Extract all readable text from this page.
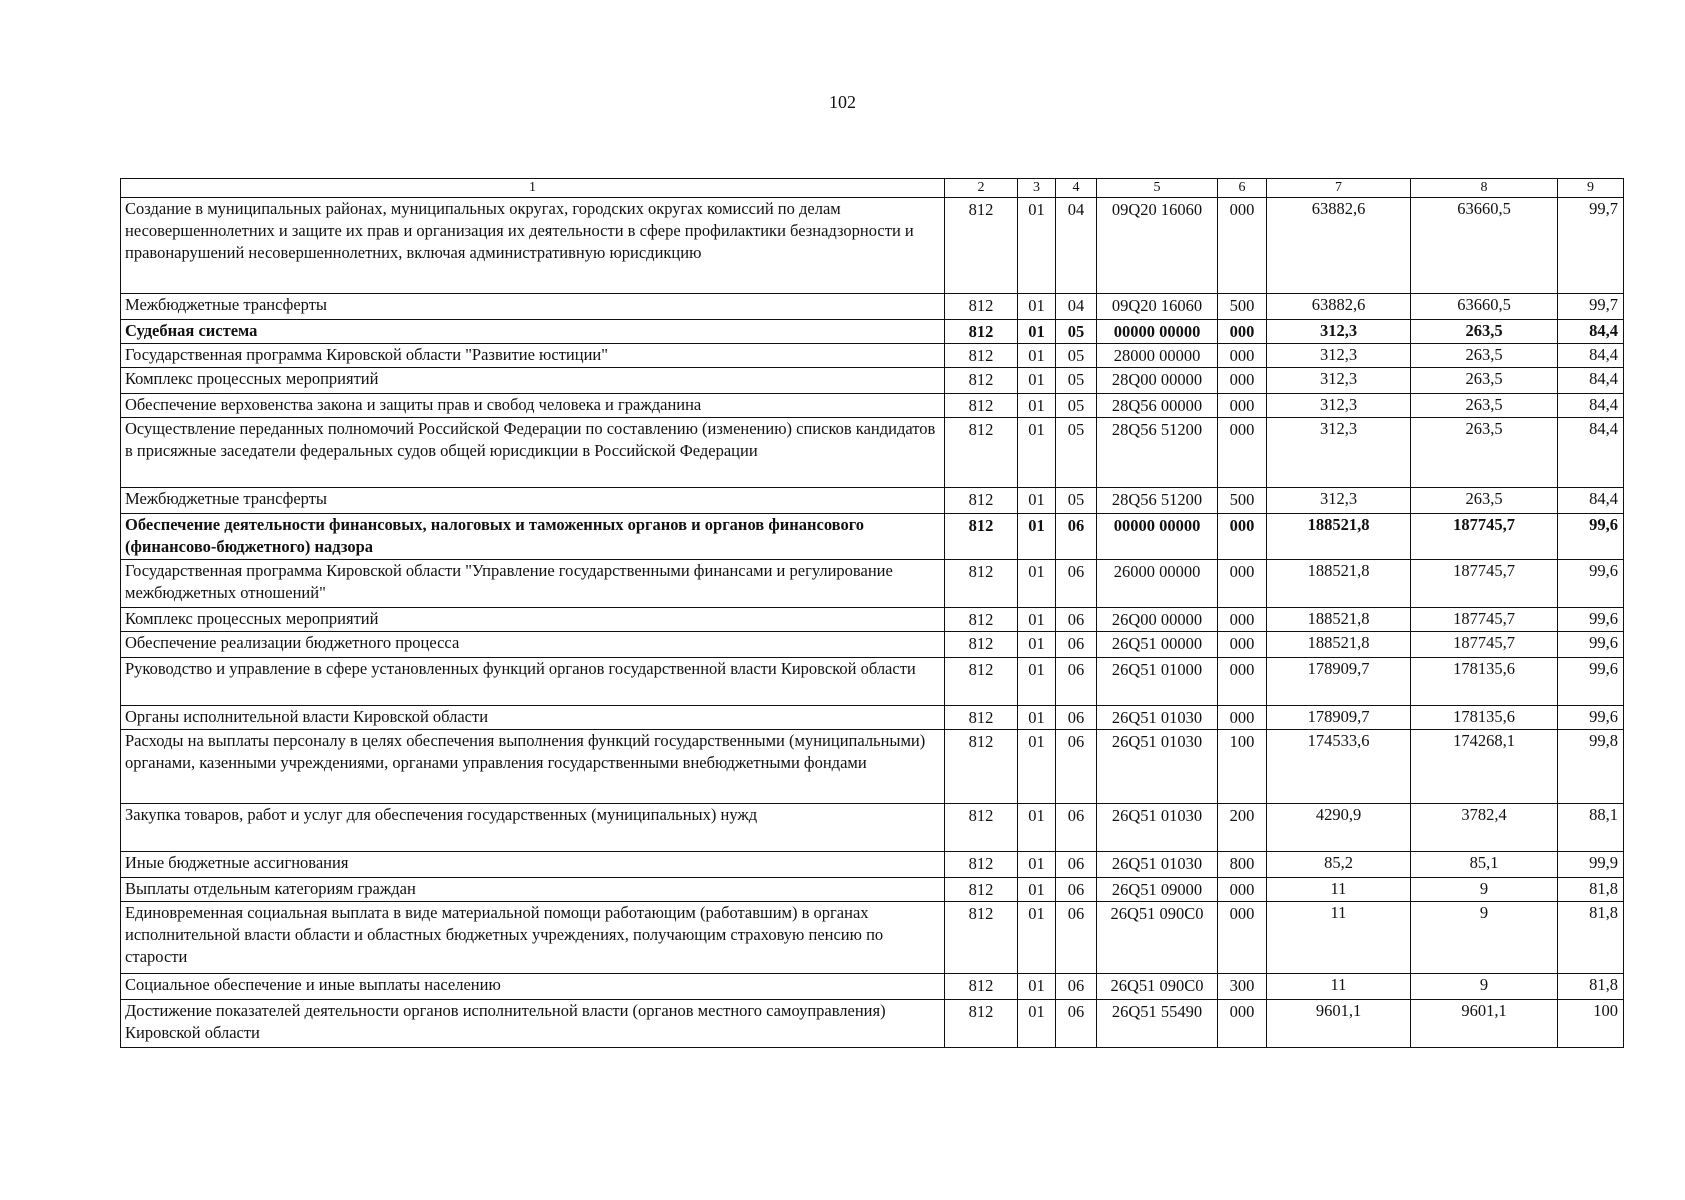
102
1	2	3	4	5	6	7	8	9
Создание в муниципальных районах, муниципальных округах, городских округах комиссий по делам несовершеннолетних и защите их прав и организация их деятельности в сфере профилактики безнадзорности и правонарушений несовершеннолетних, включая административную юрисдикцию	812	01	04	09Q20 16060	000	63882,6	63660,5	99,7
Межбюджетные трансферты	812	01	04	09Q20 16060	500	63882,6	63660,5	99,7
Судебная система	812	01	05	00000 00000	000	312,3	263,5	84,4
Государственная программа Кировской области "Развитие юстиции"	812	01	05	28000 00000	000	312,3	263,5	84,4
Комплекс процессных мероприятий	812	01	05	28Q00 00000	000	312,3	263,5	84,4
Обеспечение верховенства закона и защиты прав и свобод человека и гражданина	812	01	05	28Q56 00000	000	312,3	263,5	84,4
Осуществление переданных полномочий Российской Федерации по составлению (изменению) списков кандидатов в присяжные заседатели федеральных судов общей юрисдикции в Российской Федерации	812	01	05	28Q56 51200	000	312,3	263,5	84,4
Межбюджетные трансферты	812	01	05	28Q56 51200	500	312,3	263,5	84,4
Обеспечение деятельности финансовых, налоговых и таможенных органов и органов финансового (финансово-бюджетного) надзора	812	01	06	00000 00000	000	188521,8	187745,7	99,6
Государственная программа Кировской области "Управление государственными финансами и регулирование межбюджетных отношений"	812	01	06	26000 00000	000	188521,8	187745,7	99,6
Комплекс процессных мероприятий	812	01	06	26Q00 00000	000	188521,8	187745,7	99,6
Обеспечение реализации бюджетного процесса	812	01	06	26Q51 00000	000	188521,8	187745,7	99,6
Руководство и управление в сфере установленных функций органов государственной власти Кировской области	812	01	06	26Q51 01000	000	178909,7	178135,6	99,6
Органы исполнительной власти Кировской области	812	01	06	26Q51 01030	000	178909,7	178135,6	99,6
Расходы на выплаты персоналу в целях обеспечения выполнения функций государственными (муниципальными) органами, казенными учреждениями, органами управления государственными внебюджетными фондами	812	01	06	26Q51 01030	100	174533,6	174268,1	99,8
Закупка товаров, работ и услуг для обеспечения государственных (муниципальных) нужд	812	01	06	26Q51 01030	200	4290,9	3782,4	88,1
Иные бюджетные ассигнования	812	01	06	26Q51 01030	800	85,2	85,1	99,9
Выплаты отдельным категориям граждан	812	01	06	26Q51 09000	000	11	9	81,8
Единовременная социальная выплата в виде материальной помощи работающим (работавшим) в органах исполнительной власти области и областных бюджетных учреждениях, получающим страховую пенсию по старости	812	01	06	26Q51 090C0	000	11	9	81,8
Социальное обеспечение и иные выплаты населению	812	01	06	26Q51 090C0	300	11	9	81,8
Достижение показателей деятельности органов исполнительной власти (органов местного самоуправления) Кировской области	812	01	06	26Q51 55490	000	9601,1	9601,1	100
